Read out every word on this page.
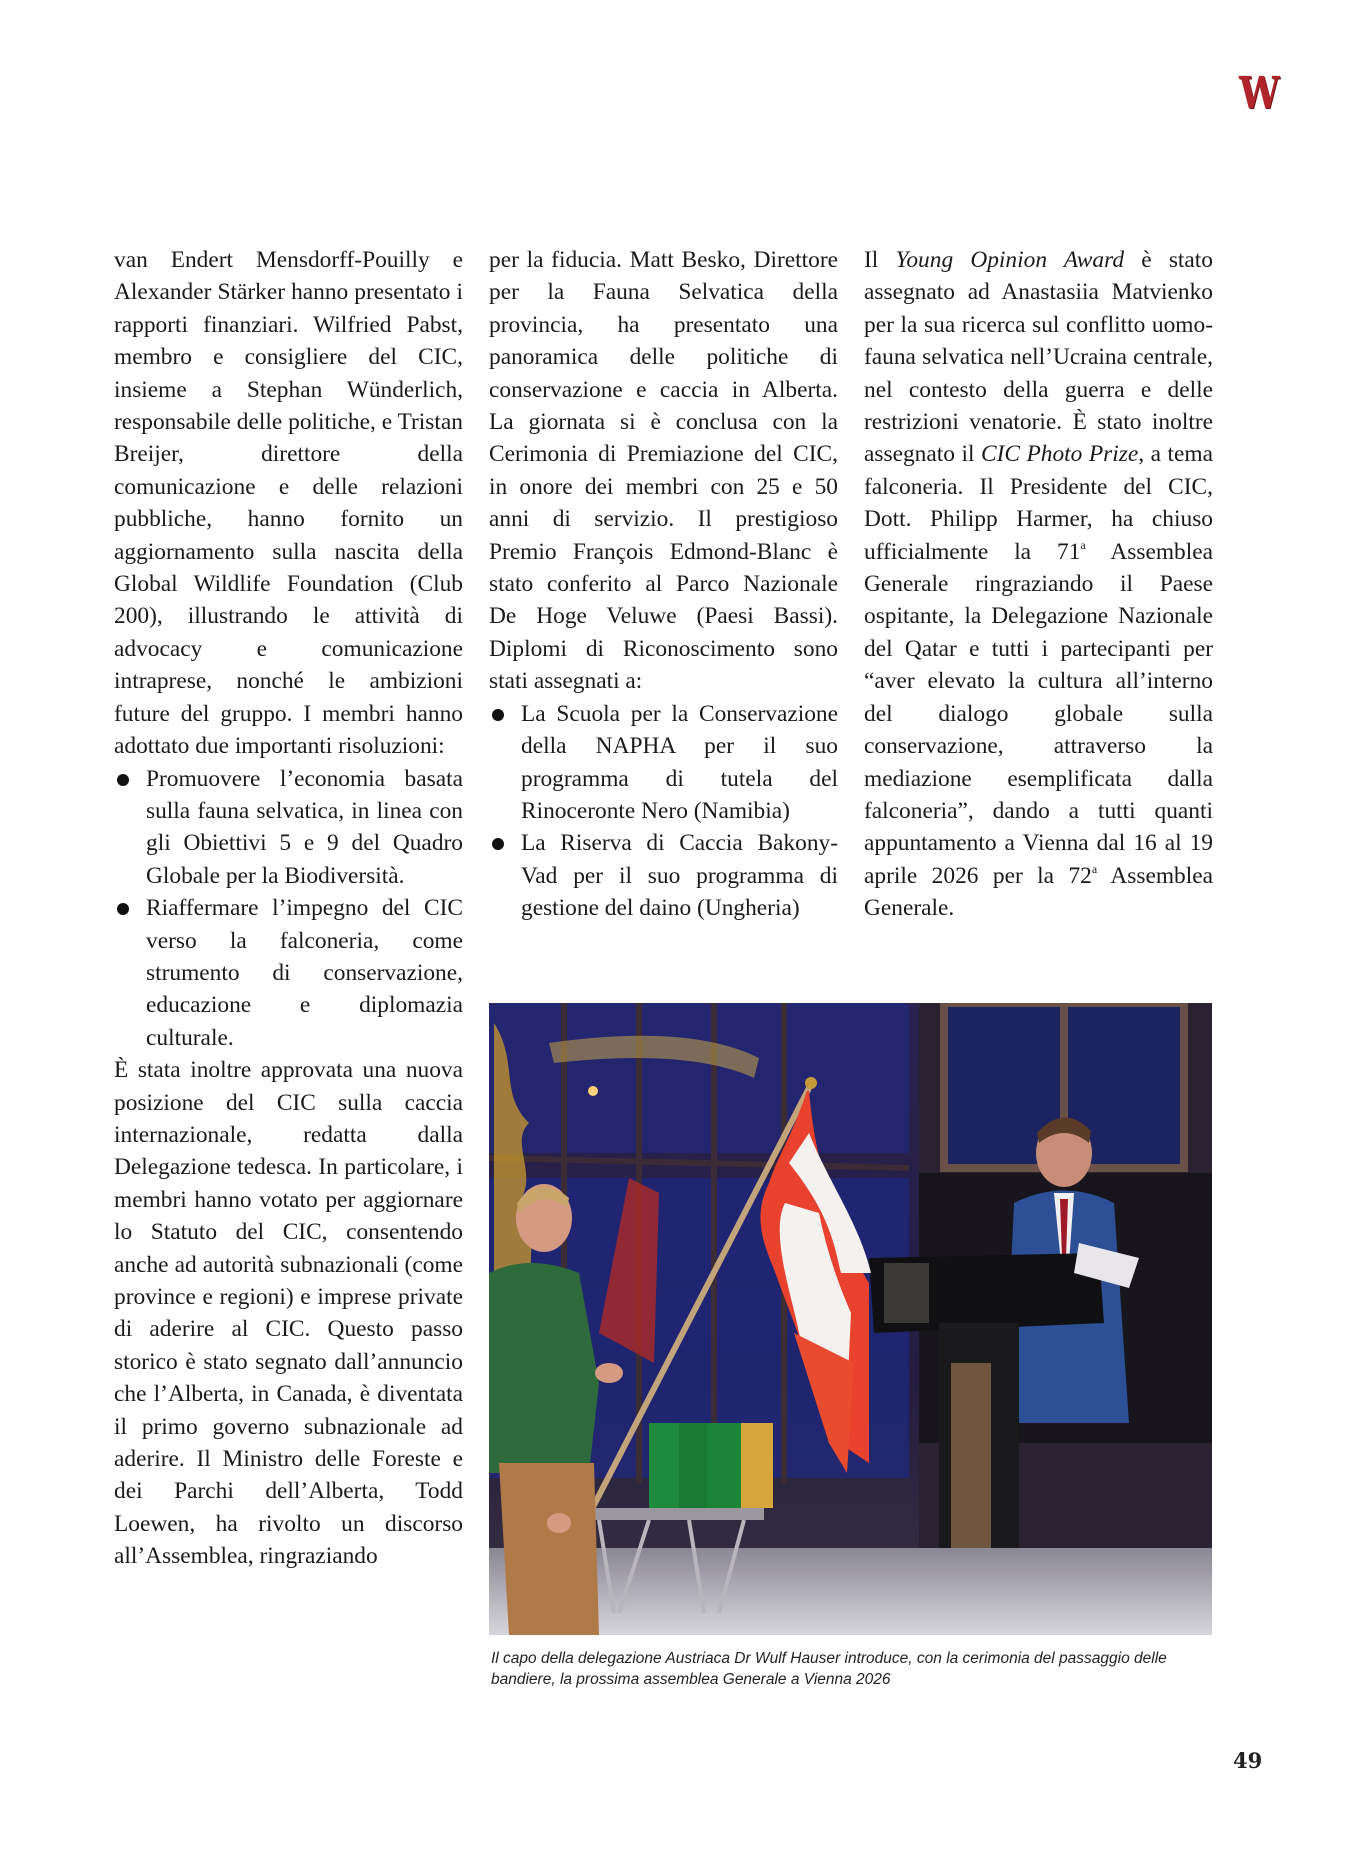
W

van Endert Mensdorff-Pouilly e Alexander Stärker hanno presentato i rapporti finanziari. Wilfried Pabst, membro e consigliere del CIC, insieme a Stephan Wünderlich, responsabile delle politiche, e Tristan Breijer, direttore della comunicazione e delle relazioni pubbliche, hanno fornito un aggiornamento sulla nascita della Global Wildlife Foundation (Club 200), illustrando le attività di advocacy e comunicazione intraprese, nonché le ambizioni future del gruppo. I membri hanno adottato due importanti risoluzioni:

Promuovere l’economia basata sulla fauna selvatica, in linea con gli Obiettivi 5 e 9 del Quadro Globale per la Biodiversità.
Riaffermare l’impegno del CIC verso la falconeria, come strumento di conservazione, educazione e diplomazia culturale.

È stata inoltre approvata una nuova posizione del CIC sulla caccia internazionale, redatta dalla Delegazione tedesca. In particolare, i membri hanno votato per aggiornare lo Statuto del CIC, consentendo anche ad autorità subnazionali (come province e regioni) e imprese private di aderire al CIC. Questo passo storico è stato segnato dall’annuncio che l’Alberta, in Canada, è diventata il primo governo subnazionale ad aderire. Il Ministro delle Foreste e dei Parchi dell’Alberta, Todd Loewen, ha rivolto un discorso all’Assemblea, ringraziando

per la fiducia. Matt Besko, Direttore per la Fauna Selvatica della provincia, ha presentato una panoramica delle politiche di conservazione e caccia in Alberta. La giornata si è conclusa con la Cerimonia di Premiazione del CIC, in onore dei membri con 25 e 50 anni di servizio. Il prestigioso Premio François Edmond-Blanc è stato conferito al Parco Nazionale De Hoge Veluwe (Paesi Bassi). Diplomi di Riconoscimento sono stati assegnati a:

La Scuola per la Conservazione della NAPHA per il suo programma di tutela del Rinoceronte Nero (Namibia)
La Riserva di Caccia Bakony-Vad per il suo programma di gestione del daino (Ungheria)

Il Young Opinion Award è stato assegnato ad Anastasiia Matvienko per la sua ricerca sul conflitto uomo-fauna selvatica nell’Ucraina centrale, nel contesto della guerra e delle restrizioni venatorie. È stato inoltre assegnato il CIC Photo Prize, a tema falconeria. Il Presidente del CIC, Dott. Philipp Harmer, ha chiuso ufficialmente la 71$^a$ Assemblea Generale ringraziando il Paese ospitante, la Delegazione Nazionale del Qatar e tutti i partecipanti per “aver elevato la cultura all’interno del dialogo globale sulla conservazione, attraverso la mediazione esemplificata dalla falconeria”, dando a tutti quanti appuntamento a Vienna dal 16 al 19 aprile 2026 per la 72$^a$ Assemblea Generale.

Il capo della delegazione Austriaca Dr Wulf Hauser introduce, con la cerimonia del passaggio delle bandiere, la prossima assemblea Generale a Vienna 2026
49
